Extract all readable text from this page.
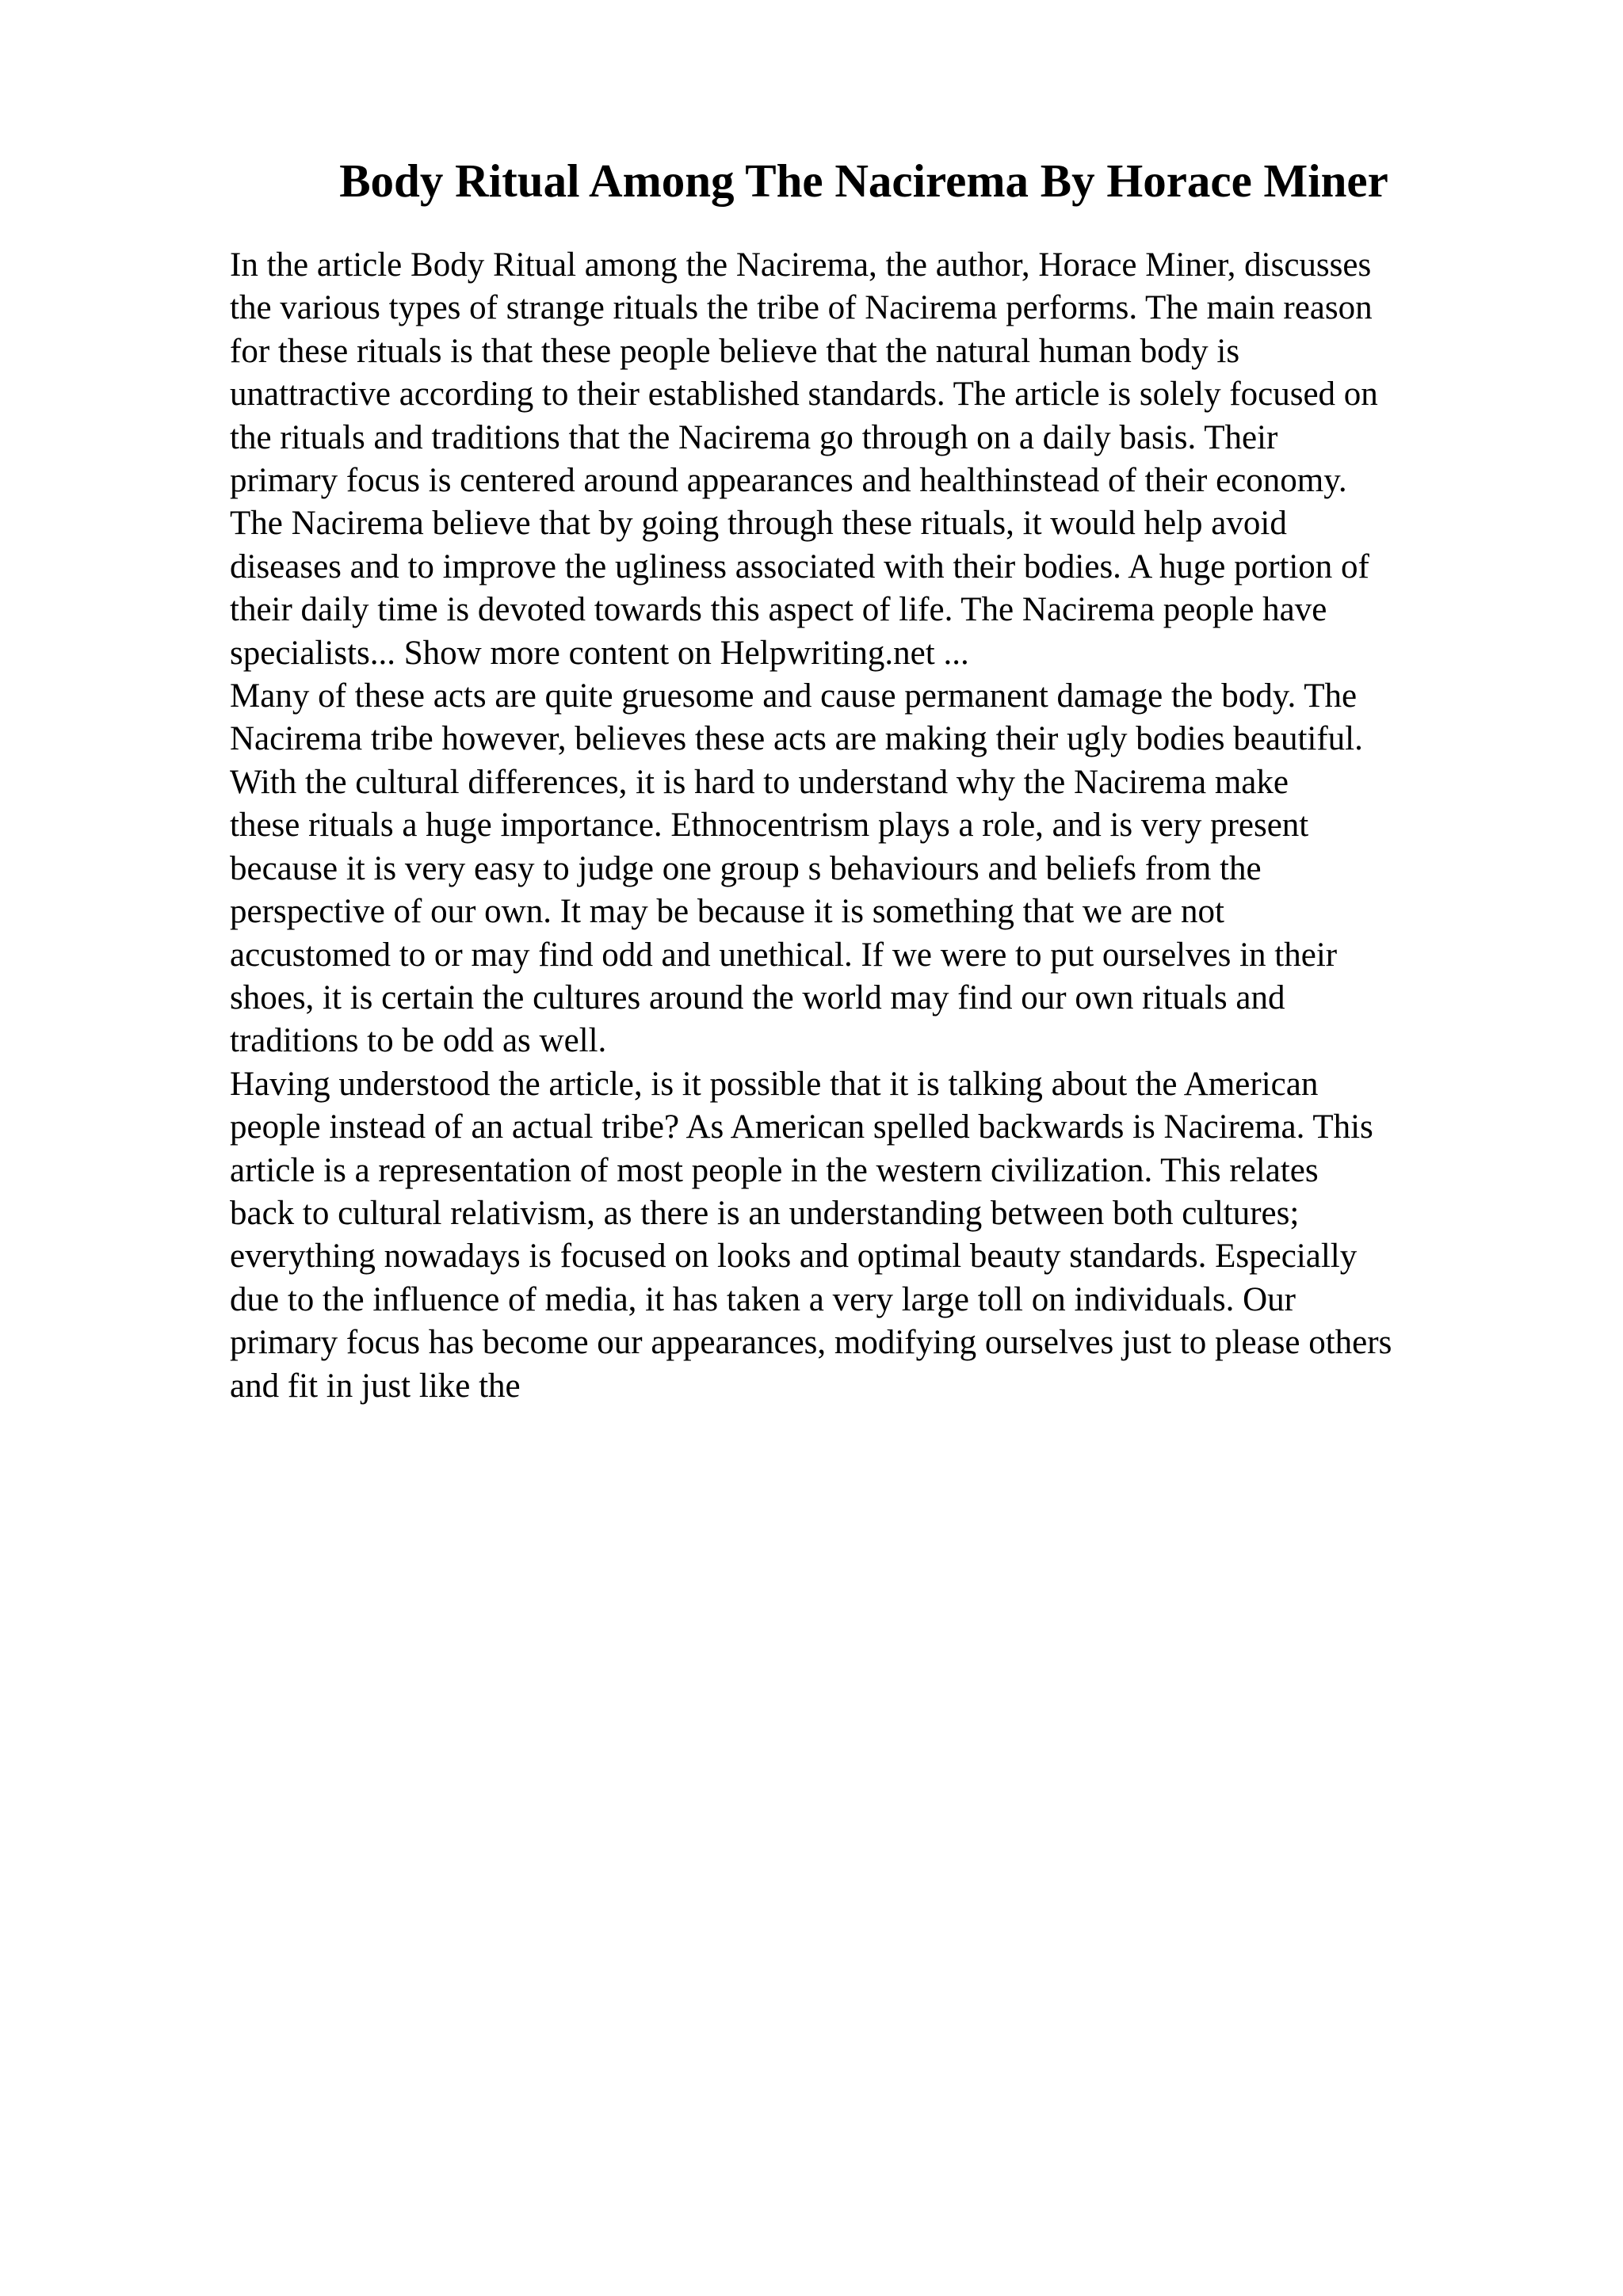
Body Ritual Among The Nacirema By Horace Miner
In the article Body Ritual among the Nacirema, the author, Horace Miner, discusses
the various types of strange rituals the tribe of Nacirema performs. The main reason
for these rituals is that these people believe that the natural human body is
unattractive according to their established standards. The article is solely focused on
the rituals and traditions that the Nacirema go through on a daily basis. Their
primary focus is centered around appearances and healthinstead of their economy.
The Nacirema believe that by going through these rituals, it would help avoid
diseases and to improve the ugliness associated with their bodies. A huge portion of
their daily time is devoted towards this aspect of life. The Nacirema people have
specialists... Show more content on Helpwriting.net ...
Many of these acts are quite gruesome and cause permanent damage the body. The
Nacirema tribe however, believes these acts are making their ugly bodies beautiful.
With the cultural differences, it is hard to understand why the Nacirema make
these rituals a huge importance. Ethnocentrism plays a role, and is very present
because it is very easy to judge one group s behaviours and beliefs from the
perspective of our own. It may be because it is something that we are not
accustomed to or may find odd and unethical. If we were to put ourselves in their
shoes, it is certain the cultures around the world may find our own rituals and
traditions to be odd as well.
Having understood the article, is it possible that it is talking about the American
people instead of an actual tribe? As American spelled backwards is Nacirema. This
article is a representation of most people in the western civilization. This relates
back to cultural relativism, as there is an understanding between both cultures;
everything nowadays is focused on looks and optimal beauty standards. Especially
due to the influence of media, it has taken a very large toll on individuals. Our
primary focus has become our appearances, modifying ourselves just to please others
and fit in just like the
